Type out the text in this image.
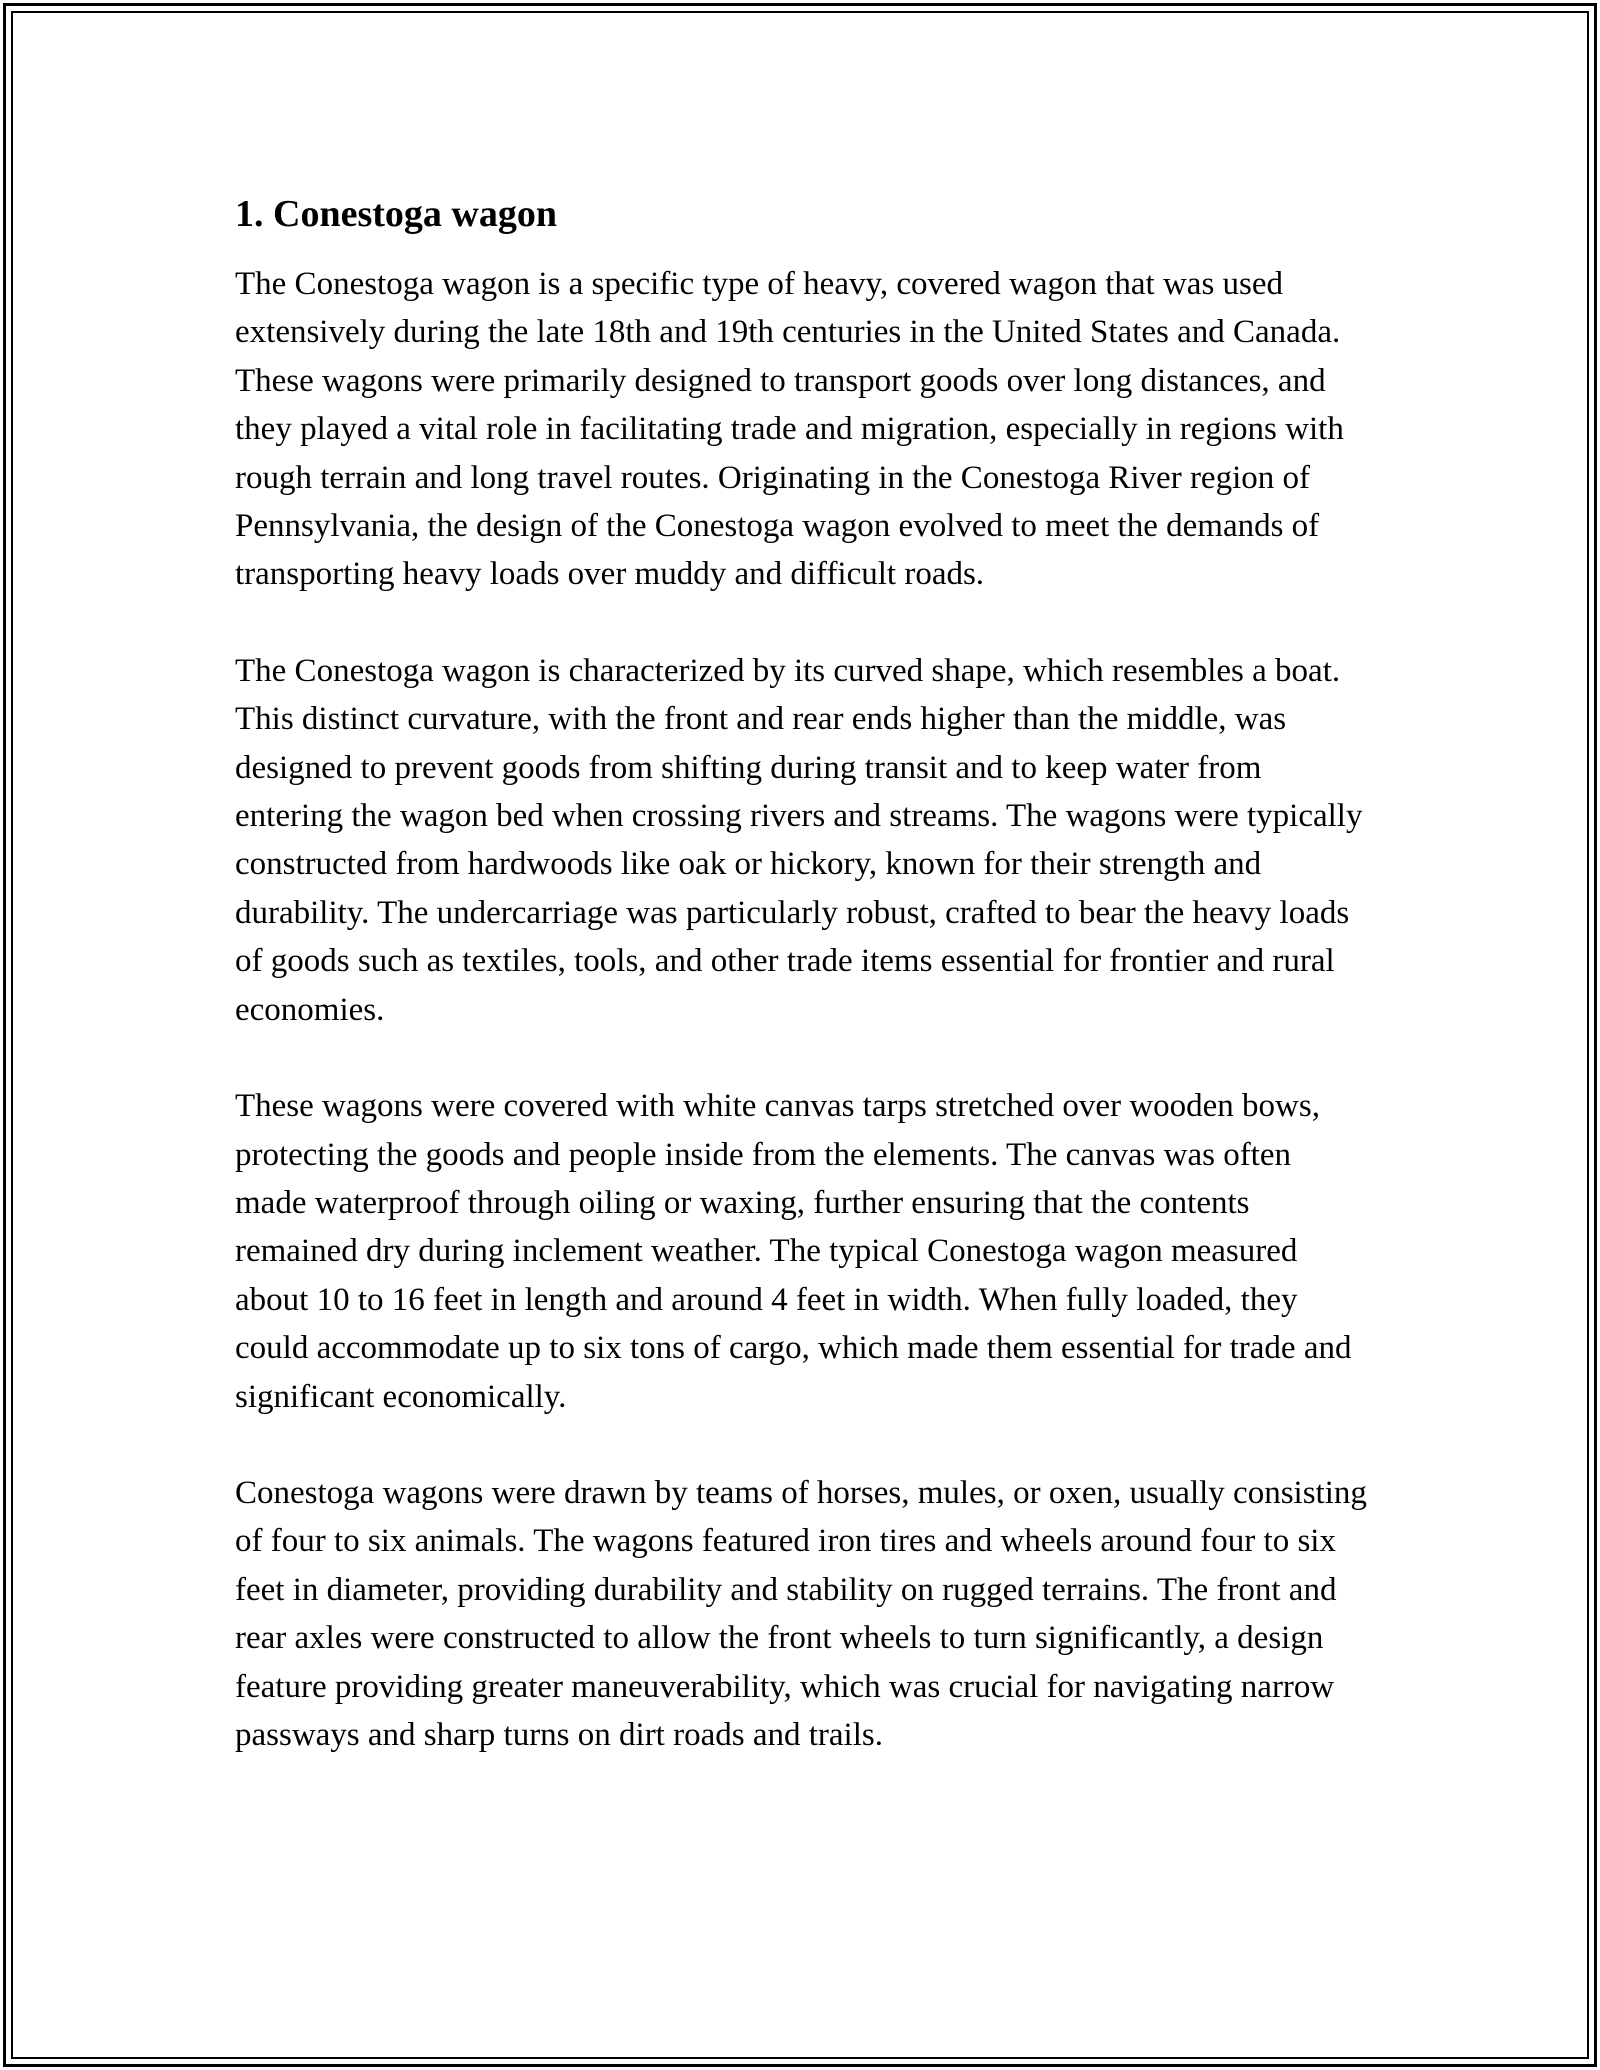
1. Conestoga wagon

The Conestoga wagon is a specific type of heavy, covered wagon that was used extensively during the late 18th and 19th centuries in the United States and Canada. These wagons were primarily designed to transport goods over long distances, and they played a vital role in facilitating trade and migration, especially in regions with rough terrain and long travel routes. Originating in the Conestoga River region of Pennsylvania, the design of the Conestoga wagon evolved to meet the demands of transporting heavy loads over muddy and difficult roads.

The Conestoga wagon is characterized by its curved shape, which resembles a boat. This distinct curvature, with the front and rear ends higher than the middle, was designed to prevent goods from shifting during transit and to keep water from entering the wagon bed when crossing rivers and streams. The wagons were typically constructed from hardwoods like oak or hickory, known for their strength and durability. The undercarriage was particularly robust, crafted to bear the heavy loads of goods such as textiles, tools, and other trade items essential for frontier and rural economies.

These wagons were covered with white canvas tarps stretched over wooden bows, protecting the goods and people inside from the elements. The canvas was often made waterproof through oiling or waxing, further ensuring that the contents remained dry during inclement weather. The typical Conestoga wagon measured about 10 to 16 feet in length and around 4 feet in width. When fully loaded, they could accommodate up to six tons of cargo, which made them essential for trade and significant economically.

Conestoga wagons were drawn by teams of horses, mules, or oxen, usually consisting of four to six animals. The wagons featured iron tires and wheels around four to six feet in diameter, providing durability and stability on rugged terrains. The front and rear axles were constructed to allow the front wheels to turn significantly, a design feature providing greater maneuverability, which was crucial for navigating narrow passways and sharp turns on dirt roads and trails.
